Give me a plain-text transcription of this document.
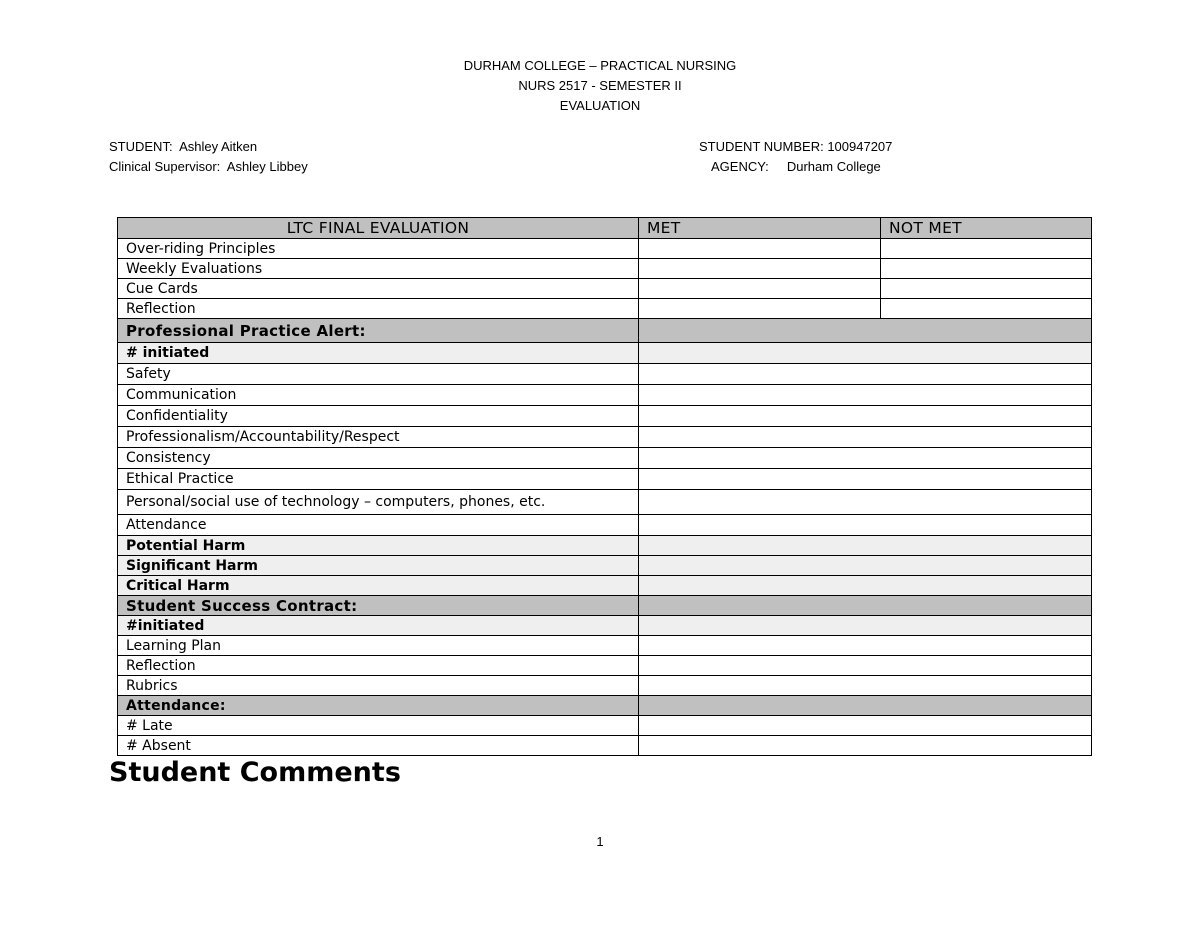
DURHAM COLLEGE – PRACTICAL NURSING
NURS 2517 - SEMESTER II
EVALUATION
STUDENT:  Ashley Aitken
Clinical Supervisor:  Ashley Libbey
STUDENT NUMBER: 100947207
AGENCY:     Durham College
LTC FINAL EVALUATION	MET	NOT MET
Over-riding Principles		
Weekly Evaluations		
Cue Cards		
Reflection		
Professional Practice Alert:		
# initiated		
Safety		
Communication		
Confidentiality		
Professionalism/Accountability/Respect		
Consistency		
Ethical Practice		
Personal/social use of technology – computers, phones, etc.		
Attendance		
Potential Harm		
Significant Harm		
Critical Harm		
Student Success Contract:		
#initiated		
Learning Plan		
Reflection		
Rubrics		
Attendance:		
# Late		
# Absent		
Student Comments
1
